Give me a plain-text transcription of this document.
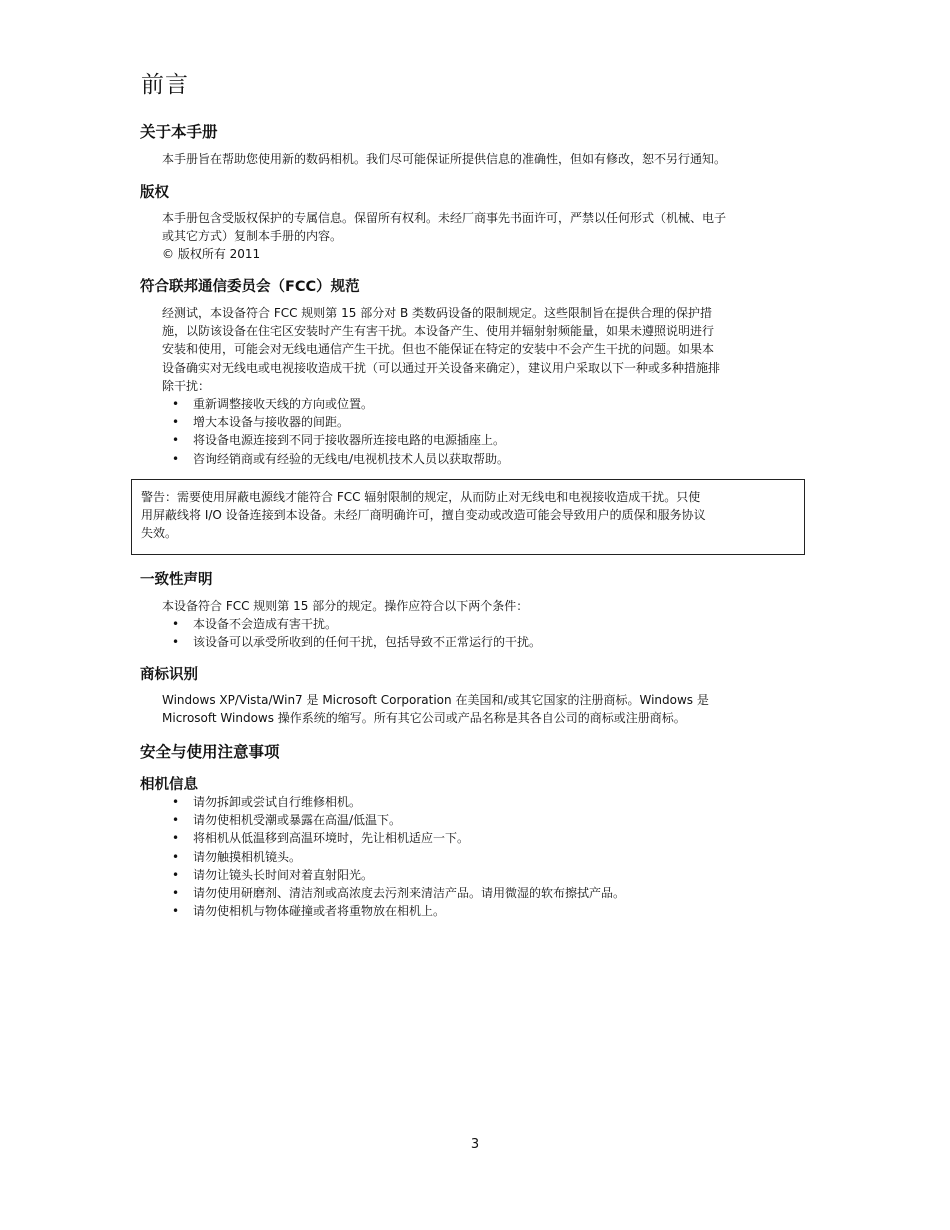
前言
关于本手册

本手册旨在帮助您使用新的数码相机。我们尽可能保证所提供信息的准确性，但如有修改，恕不另行通知。

版权

本手册包含受版权保护的专属信息。保留所有权利。未经厂商事先书面许可，严禁以任何形式（机械、电子
或其它方式）复制本手册的内容。
© 版权所有 2011

符合联邦通信委员会（FCC）规范

经测试，本设备符合 FCC 规则第 15 部分对 B 类数码设备的限制规定。这些限制旨在提供合理的保护措
施，以防该设备在住宅区安装时产生有害干扰。本设备产生、使用并辐射射频能量，如果未遵照说明进行
安装和使用，可能会对无线电通信产生干扰。但也不能保证在特定的安装中不会产生干扰的问题。如果本
设备确实对无线电或电视接收造成干扰（可以通过开关设备来确定），建议用户采取以下一种或多种措施排
除干扰：

• 重新调整接收天线的方向或位置。
• 增大本设备与接收器的间距。
• 将设备电源连接到不同于接收器所连接电路的电源插座上。
• 咨询经销商或有经验的无线电/电视机技术人员以获取帮助。
警告：需要使用屏蔽电源线才能符合 FCC 辐射限制的规定，从而防止对无线电和电视接收造成干扰。只使
用屏蔽线将 I/O 设备连接到本设备。未经厂商明确许可，擅自变动或改造可能会导致用户的质保和服务协议
失效。
一致性声明

本设备符合 FCC 规则第 15 部分的规定。操作应符合以下两个条件：

• 本设备不会造成有害干扰。
• 该设备可以承受所收到的任何干扰，包括导致不正常运行的干扰。
商标识别

Windows XP/Vista/Win7 是 Microsoft Corporation 在美国和/或其它国家的注册商标。Windows 是
Microsoft Windows 操作系统的缩写。所有其它公司或产品名称是其各自公司的商标或注册商标。

安全与使用注意事项
相机信息
• 请勿拆卸或尝试自行维修相机。
• 请勿使相机受潮或暴露在高温/低温下。
• 将相机从低温移到高温环境时，先让相机适应一下。
• 请勿触摸相机镜头。
• 请勿让镜头长时间对着直射阳光。
• 请勿使用研磨剂、清洁剂或高浓度去污剂来清洁产品。请用微湿的软布擦拭产品。
• 请勿使相机与物体碰撞或者将重物放在相机上。
3
